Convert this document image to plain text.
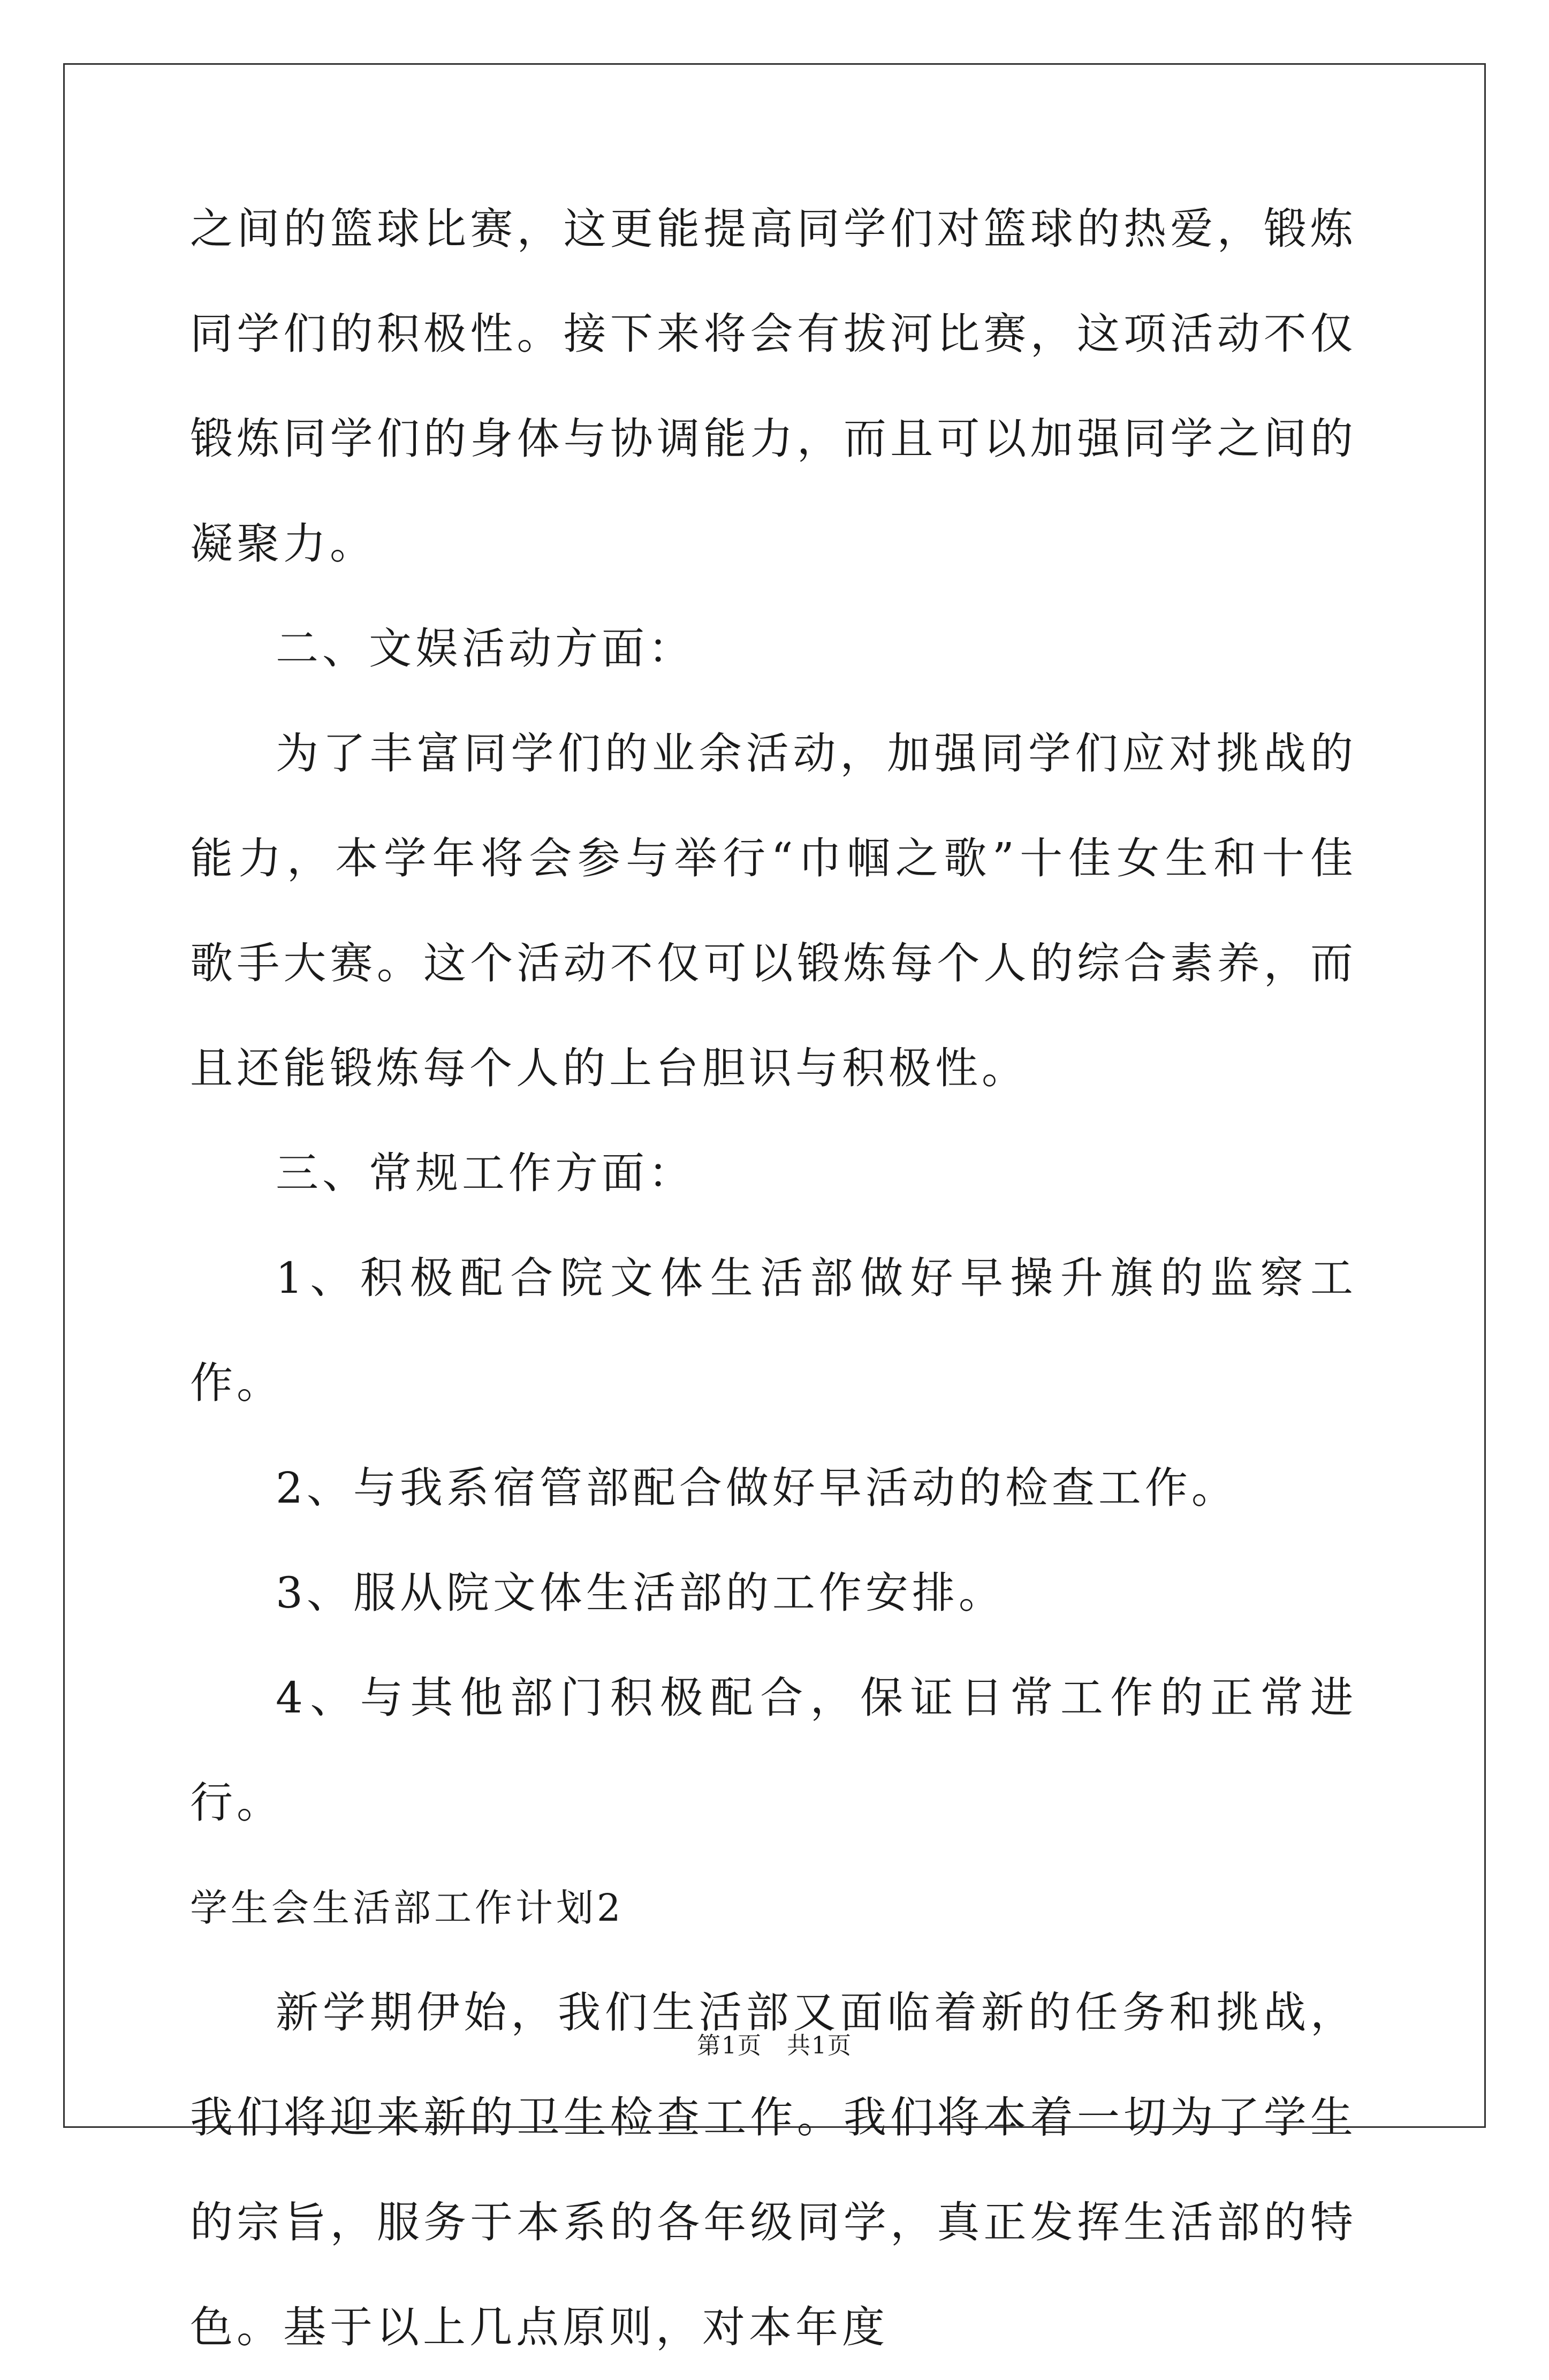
之间的篮球比赛，这更能提高同学们对篮球的热爱，锻炼同学们的积极性。接下来将会有拔河比赛，这项活动不仅锻炼同学们的身体与协调能力，而且可以加强同学之间的凝聚力。

二、文娱活动方面：

为了丰富同学们的业余活动，加强同学们应对挑战的能力，本学年将会参与举行“巾帼之歌”十佳女生和十佳歌手大赛。这个活动不仅可以锻炼每个人的综合素养，而且还能锻炼每个人的上台胆识与积极性。

三、常规工作方面：

1、积极配合院文体生活部做好早操升旗的监察工作。

2、与我系宿管部配合做好早活动的检查工作。

3、服从院文体生活部的工作安排。

4、与其他部门积极配合，保证日常工作的正常进行。

学生会生活部工作计划2

新学期伊始，我们生活部又面临着新的任务和挑战，我们将迎来新的卫生检查工作。我们将本着一切为了学生的宗旨，服务于本系的各年级同学，真正发挥生活部的特色。基于以上几点原则，对本年度

第1页　共1页
